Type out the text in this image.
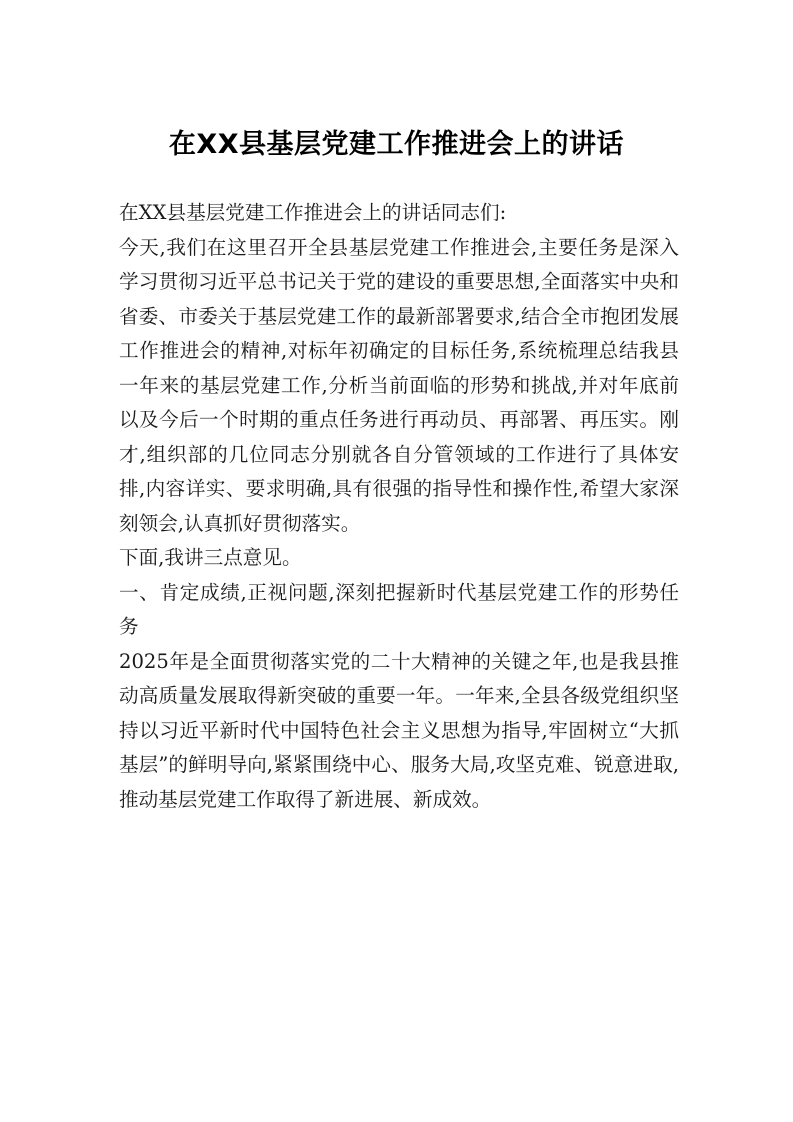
在XX县基层党建工作推进会上的讲话

在XX县基层党建工作推进会上的讲话同志们:

今天,我们在这里召开全县基层党建工作推进会,主要任务是深入学习贯彻习近平总书记关于党的建设的重要思想,全面落实中央和省委、市委关于基层党建工作的最新部署要求,结合全市抱团发展工作推进会的精神,对标年初确定的目标任务,系统梳理总结我县一年来的基层党建工作,分析当前面临的形势和挑战,并对年底前以及今后一个时期的重点任务进行再动员、再部署、再压实。刚才,组织部的几位同志分别就各自分管领域的工作进行了具体安排,内容详实、要求明确,具有很强的指导性和操作性,希望大家深刻领会,认真抓好贯彻落实。

下面,我讲三点意见。

一、肯定成绩,正视问题,深刻把握新时代基层党建工作的形势任务

2025年是全面贯彻落实党的二十大精神的关键之年,也是我县推动高质量发展取得新突破的重要一年。一年来,全县各级党组织坚持以习近平新时代中国特色社会主义思想为指导,牢固树立“大抓基层”的鲜明导向,紧紧围绕中心、服务大局,攻坚克难、锐意进取,推动基层党建工作取得了新进展、新成效。
